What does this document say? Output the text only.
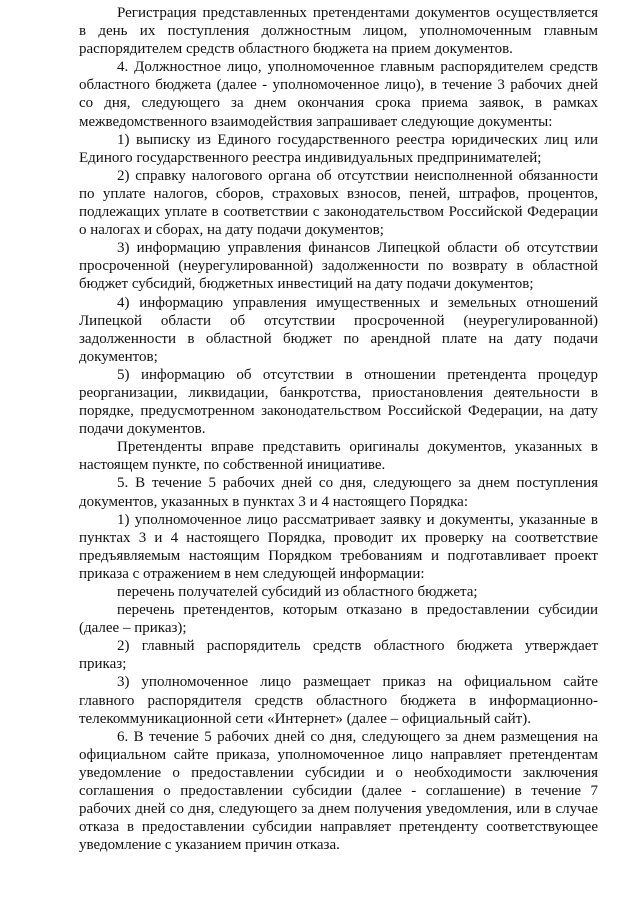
Регистрация представленных претендентами документов осуществляется в день их поступления должностным лицом, уполномоченным главным распорядителем средств областного бюджета на прием документов.

4. Должностное лицо, уполномоченное главным распорядителем средств областного бюджета (далее - уполномоченное лицо), в течение 3 рабочих дней со дня, следующего за днем окончания срока приема заявок, в рамках межведомственного взаимодействия запрашивает следующие документы:

1) выписку из Единого государственного реестра юридических лиц или Единого государственного реестра индивидуальных предпринимателей;

2) справку налогового органа об отсутствии неисполненной обязанности по уплате налогов, сборов, страховых взносов, пеней, штрафов, процентов, подлежащих уплате в соответствии с законодательством Российской Федерации о налогах и сборах, на дату подачи документов;

3) информацию управления финансов Липецкой области об отсутствии просроченной (неурегулированной) задолженности по возврату в областной бюджет субсидий, бюджетных инвестиций на дату подачи документов;

4) информацию управления имущественных и земельных отношений Липецкой области об отсутствии просроченной (неурегулированной) задолженности в областной бюджет по арендной плате на дату подачи документов;

5) информацию об отсутствии в отношении претендента процедур реорганизации, ликвидации, банкротства, приостановления деятельности в порядке, предусмотренном законодательством Российской Федерации, на дату подачи документов.

Претенденты вправе представить оригиналы документов, указанных в настоящем пункте, по собственной инициативе.

5. В течение 5 рабочих дней со дня, следующего за днем поступления документов, указанных в пунктах 3 и 4 настоящего Порядка:

1) уполномоченное лицо рассматривает заявку и документы, указанные в пунктах 3 и 4 настоящего Порядка, проводит их проверку на соответствие предъявляемым настоящим Порядком требованиям и подготавливает проект приказа с отражением в нем следующей информации:

перечень получателей субсидий из областного бюджета;

перечень претендентов, которым отказано в предоставлении субсидии (далее – приказ);

2) главный распорядитель средств областного бюджета утверждает приказ;

3) уполномоченное лицо размещает приказ на официальном сайте главного распорядителя средств областного бюджета в информационно-телекоммуникационной сети «Интернет» (далее – официальный сайт).

6. В течение 5 рабочих дней со дня, следующего за днем размещения на официальном сайте приказа, уполномоченное лицо направляет претендентам уведомление о предоставлении субсидии и о необходимости заключения соглашения о предоставлении субсидии (далее - соглашение) в течение 7 рабочих дней со дня, следующего за днем получения уведомления, или в случае отказа в предоставлении субсидии направляет претенденту соответствующее уведомление с указанием причин отказа.
